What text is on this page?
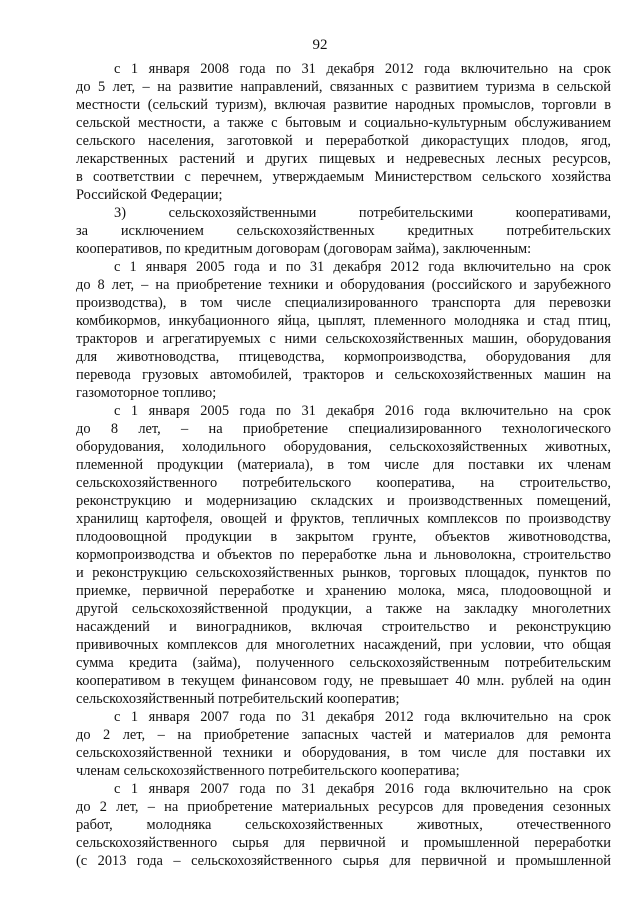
92
с 1 января 2008 года по 31 декабря 2012 года включительно на срок
до 5 лет, – на развитие направлений, связанных с развитием туризма в сельской
местности (сельский туризм), включая развитие народных промыслов, торговли в
сельской местности, а также с бытовым и социально-культурным обслуживанием
сельского населения, заготовкой и переработкой дикорастущих плодов, ягод,
лекарственных растений и других пищевых и недревесных лесных ресурсов,
в соответствии с перечнем, утверждаемым Министерством сельского хозяйства
Российской Федерации;
3) сельскохозяйственными потребительскими кооперативами,
за исключением сельскохозяйственных кредитных потребительских
кооперативов, по кредитным договорам (договорам займа), заключенным:
с 1 января 2005 года и по 31 декабря 2012 года включительно на срок
до 8 лет, – на приобретение техники и оборудования (российского и зарубежного
производства), в том числе специализированного транспорта для перевозки
комбикормов, инкубационного яйца, цыплят, племенного молодняка и стад птиц,
тракторов и агрегатируемых с ними сельскохозяйственных машин, оборудования
для животноводства, птицеводства, кормопроизводства, оборудования для
перевода грузовых автомобилей, тракторов и сельскохозяйственных машин на
газомоторное топливо;
с 1 января 2005 года по 31 декабря 2016 года включительно на срок
до 8 лет, – на приобретение специализированного технологического
оборудования, холодильного оборудования, сельскохозяйственных животных,
племенной продукции (материала), в том числе для поставки их членам
сельскохозяйственного потребительского кооператива, на строительство,
реконструкцию и модернизацию складских и производственных помещений,
хранилищ картофеля, овощей и фруктов, тепличных комплексов по производству
плодоовощной продукции в закрытом грунте, объектов животноводства,
кормопроизводства и объектов по переработке льна и льноволокна, строительство
и реконструкцию сельскохозяйственных рынков, торговых площадок, пунктов по
приемке, первичной переработке и хранению молока, мяса, плодоовощной и
другой сельскохозяйственной продукции, а также на закладку многолетних
насаждений и виноградников, включая строительство и реконструкцию
прививочных комплексов для многолетних насаждений, при условии, что общая
сумма кредита (займа), полученного сельскохозяйственным потребительским
кооперативом в текущем финансовом году, не превышает 40 млн. рублей на один
сельскохозяйственный потребительский кооператив;
с 1 января 2007 года по 31 декабря 2012 года включительно на срок
до 2 лет, – на приобретение запасных частей и материалов для ремонта
сельскохозяйственной техники и оборудования, в том числе для поставки их
членам сельскохозяйственного потребительского кооператива;
с 1 января 2007 года по 31 декабря 2016 года включительно на срок
до 2 лет, – на приобретение материальных ресурсов для проведения сезонных
работ, молодняка сельскохозяйственных животных, отечественного
сельскохозяйственного сырья для первичной и промышленной переработки
(с 2013 года – сельскохозяйственного сырья для первичной и промышленной
